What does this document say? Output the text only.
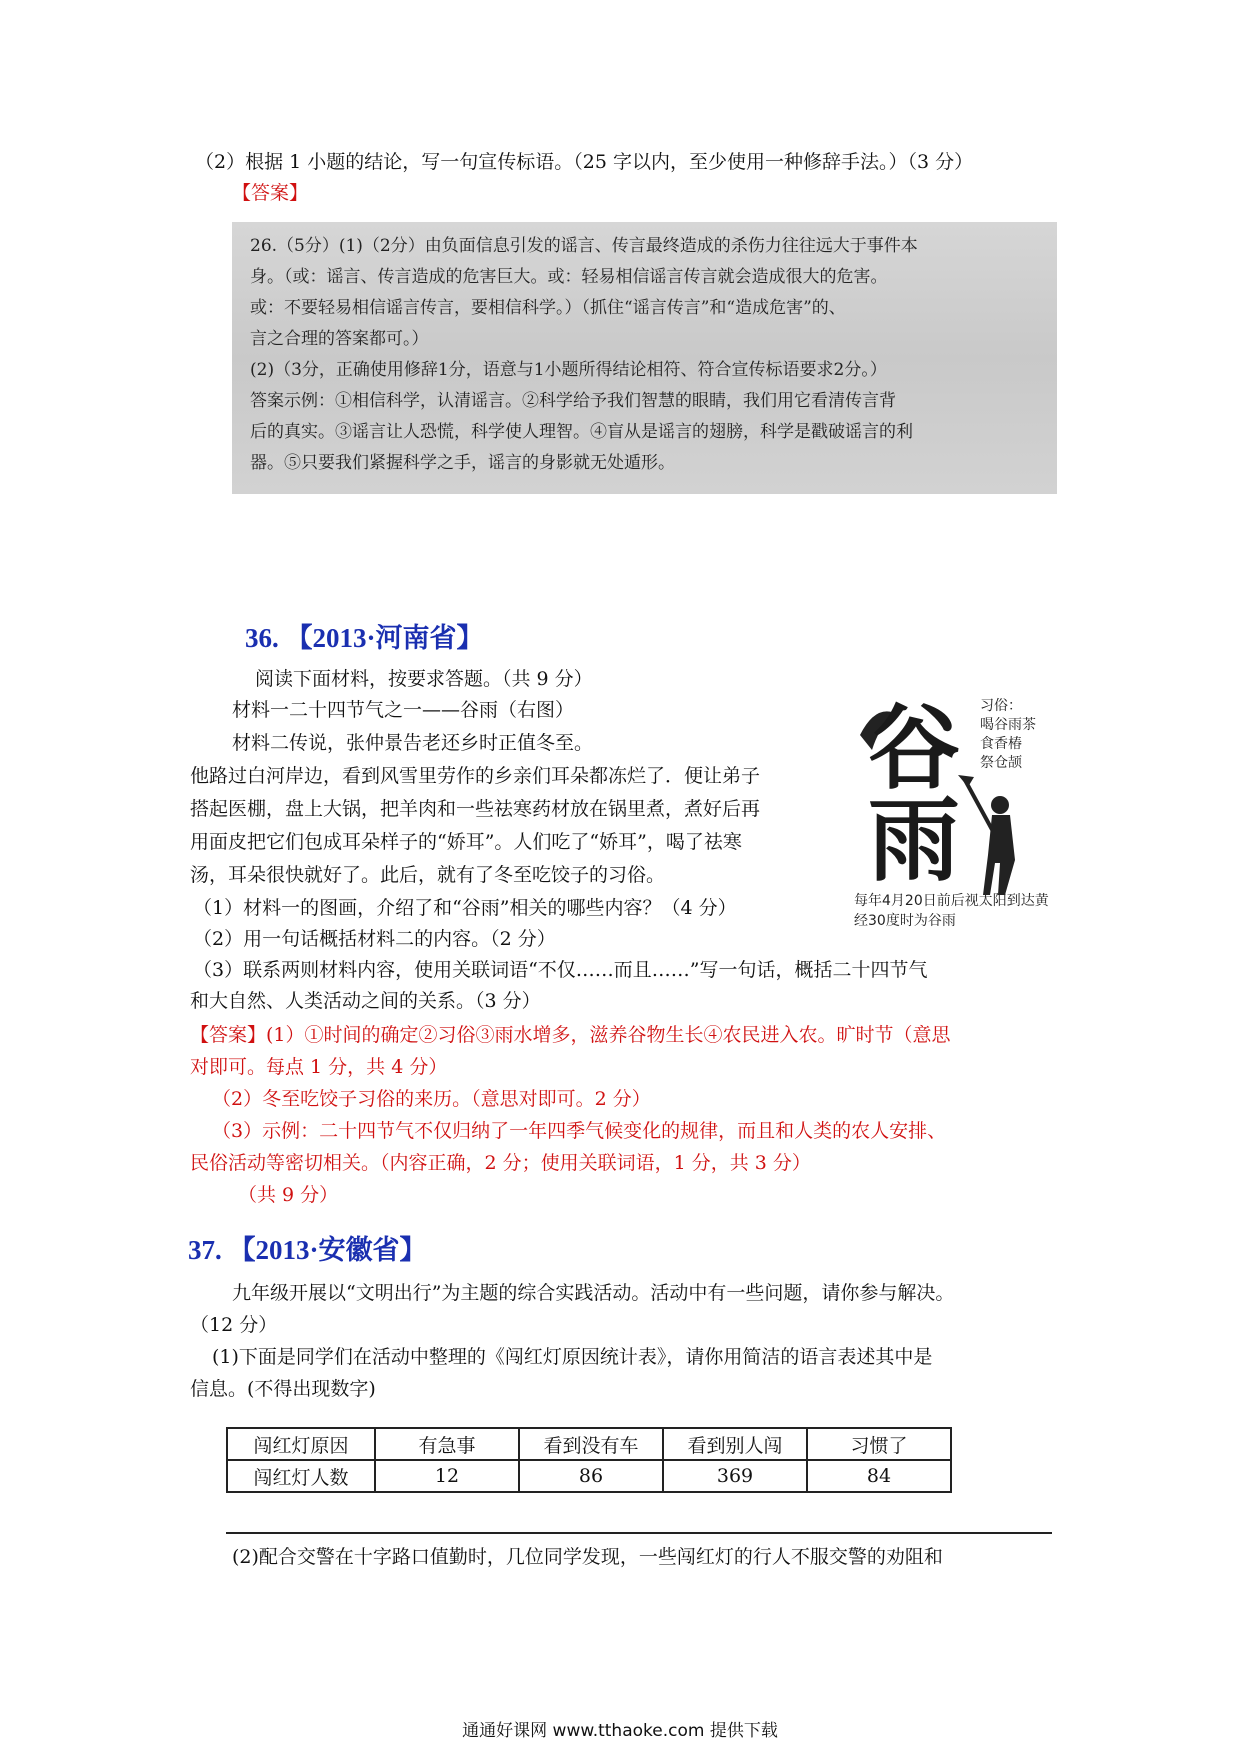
（2）根据 1 小题的结论，写一句宣传标语。（25 字以内，至少使用一种修辞手法。）（3 分）
【答案】
26.（5分）(1)（2分）由负面信息引发的谣言、传言最终造成的杀伤力往往远大于事件本
身。（或：谣言、传言造成的危害巨大。或：轻易相信谣言传言就会造成很大的危害。
或：不要轻易相信谣言传言，要相信科学。）（抓住“谣言传言”和“造成危害”的、
言之合理的答案都可。）
(2)（3分，正确使用修辞1分，语意与1小题所得结论相符、符合宣传标语要求2分。）
答案示例：①相信科学，认清谣言。②科学给予我们智慧的眼睛，我们用它看清传言背
后的真实。③谣言让人恐慌，科学使人理智。④盲从是谣言的翅膀，科学是戳破谣言的利
器。⑤只要我们紧握科学之手，谣言的身影就无处遁形。
36. 【2013·河南省】
阅读下面材料，按要求答题。（共 9 分）
材料一二十四节气之一——谷雨（右图）
材料二传说，张仲景告老还乡时正值冬至。
他路过白河岸边，看到风雪里劳作的乡亲们耳朵都冻烂了．便让弟子
搭起医棚，盘上大锅，把羊肉和一些祛寒药材放在锅里煮，煮好后再
用面皮把它们包成耳朵样子的“娇耳”。人们吃了“娇耳”，喝了祛寒
汤，耳朵很快就好了。此后，就有了冬至吃饺子的习俗。
（1）材料一的图画，介绍了和“谷雨”相关的哪些内容？（4 分）
（2）用一句话概括材料二的内容。（2 分）
（3）联系两则材料内容，使用关联词语“不仅……而且……”写一句话，概括二十四节气
和大自然、人类活动之间的关系。（3 分）
【答案】(1）①时间的确定②习俗③雨水增多，滋养谷物生长④农民进入农。旷时节（意思
对即可。每点 1 分，共 4 分）
（2）冬至吃饺子习俗的来历。（意思对即可。2 分）
（3）示例：二十四节气不仅归纳了一年四季气候变化的规律，而且和人类的农人安排、
民俗活动等密切相关。（内容正确，2 分；使用关联词语，1 分，共 3 分）
（共 9 分）
谷
雨
习俗：
喝谷雨茶
食香椿
祭仓颉
每年4月20日前后视太阳到达黄
经30度时为谷雨
37. 【2013·安徽省】
九年级开展以“文明出行”为主题的综合实践活动。活动中有一些问题，请你参与解决。
（12 分）
(1)下面是同学们在活动中整理的《闯红灯原因统计表》，请你用简洁的语言表述其中是
信息。(不得出现数字)
闯红灯原因	有急事	看到没有车	看到别人闯	习惯了
闯红灯人数	12	86	369	84
(2)配合交警在十字路口值勤时，几位同学发现，一些闯红灯的行人不服交警的劝阻和
通通好课网 www.tthaoke.com 提供下载
